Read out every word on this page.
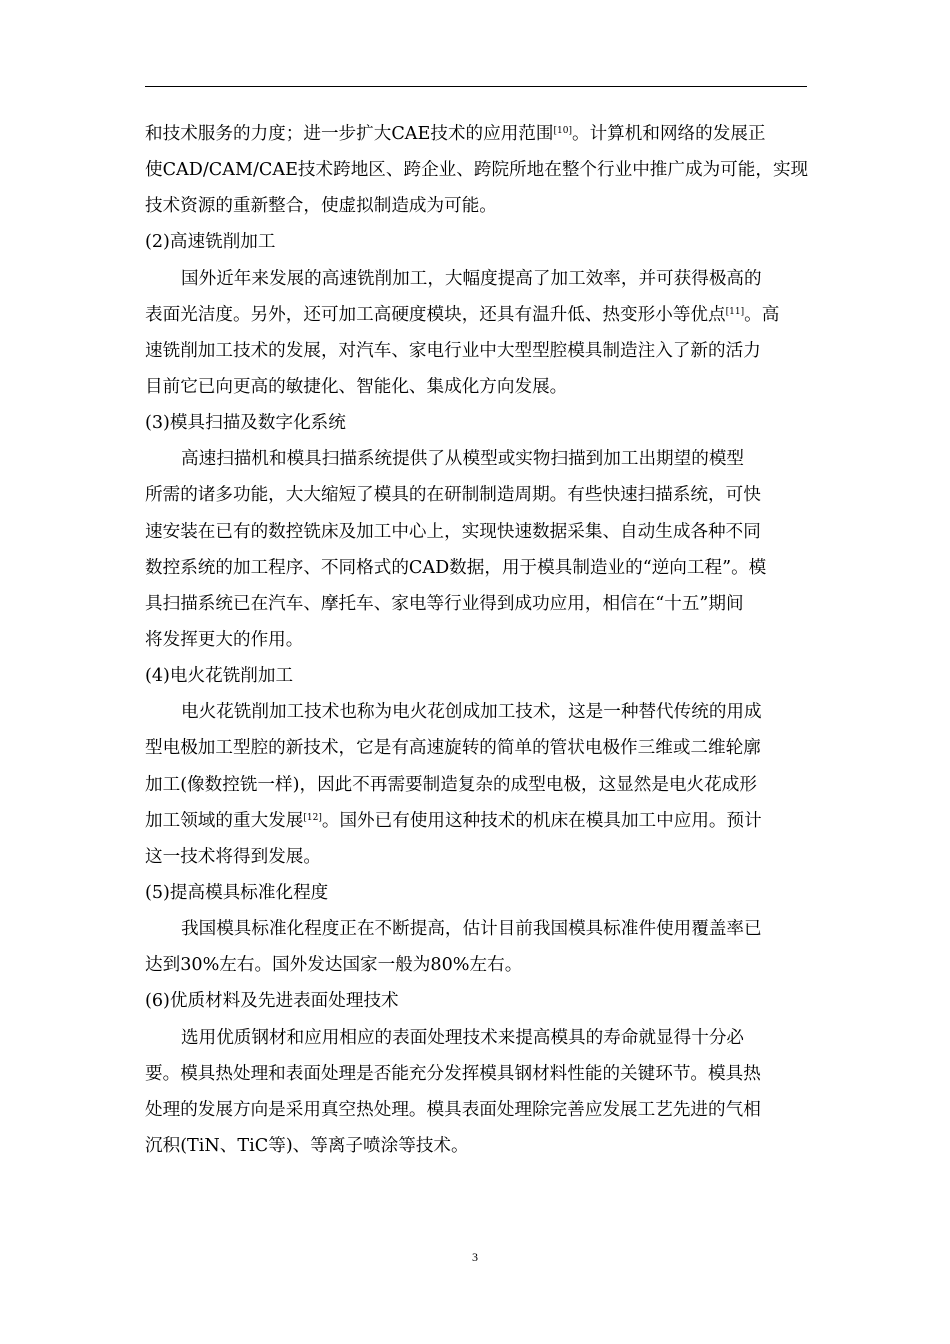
和技术服务的力度；进一步扩大CAE技术的应用范围[10]。计算机和网络的发展正
使CAD/CAM/CAE技术跨地区、跨企业、跨院所地在整个行业中推广成为可能，实现
技术资源的重新整合，使虚拟制造成为可能。
(2)高速铣削加工
国外近年来发展的高速铣削加工，大幅度提高了加工效率，并可获得极高的
表面光洁度。另外，还可加工高硬度模块，还具有温升低、热变形小等优点[11]。高
速铣削加工技术的发展，对汽车、家电行业中大型型腔模具制造注入了新的活力
目前它已向更高的敏捷化、智能化、集成化方向发展。
(3)模具扫描及数字化系统
高速扫描机和模具扫描系统提供了从模型或实物扫描到加工出期望的模型
所需的诸多功能，大大缩短了模具的在研制制造周期。有些快速扫描系统，可快
速安装在已有的数控铣床及加工中心上，实现快速数据采集、自动生成各种不同
数控系统的加工程序、不同格式的CAD数据，用于模具制造业的“逆向工程”。模
具扫描系统已在汽车、摩托车、家电等行业得到成功应用，相信在“十五”期间
将发挥更大的作用。
(4)电火花铣削加工
电火花铣削加工技术也称为电火花创成加工技术，这是一种替代传统的用成
型电极加工型腔的新技术，它是有高速旋转的简单的管状电极作三维或二维轮廓
加工(像数控铣一样)，因此不再需要制造复杂的成型电极，这显然是电火花成形
加工领域的重大发展[12]。国外已有使用这种技术的机床在模具加工中应用。预计
这一技术将得到发展。
(5)提高模具标准化程度
我国模具标准化程度正在不断提高，估计目前我国模具标准件使用覆盖率已
达到30%左右。国外发达国家一般为80%左右。
(6)优质材料及先进表面处理技术
选用优质钢材和应用相应的表面处理技术来提高模具的寿命就显得十分必
要。模具热处理和表面处理是否能充分发挥模具钢材料性能的关键环节。模具热
处理的发展方向是采用真空热处理。模具表面处理除完善应发展工艺先进的气相
沉积(TiN、TiC等)、等离子喷涂等技术。
3
